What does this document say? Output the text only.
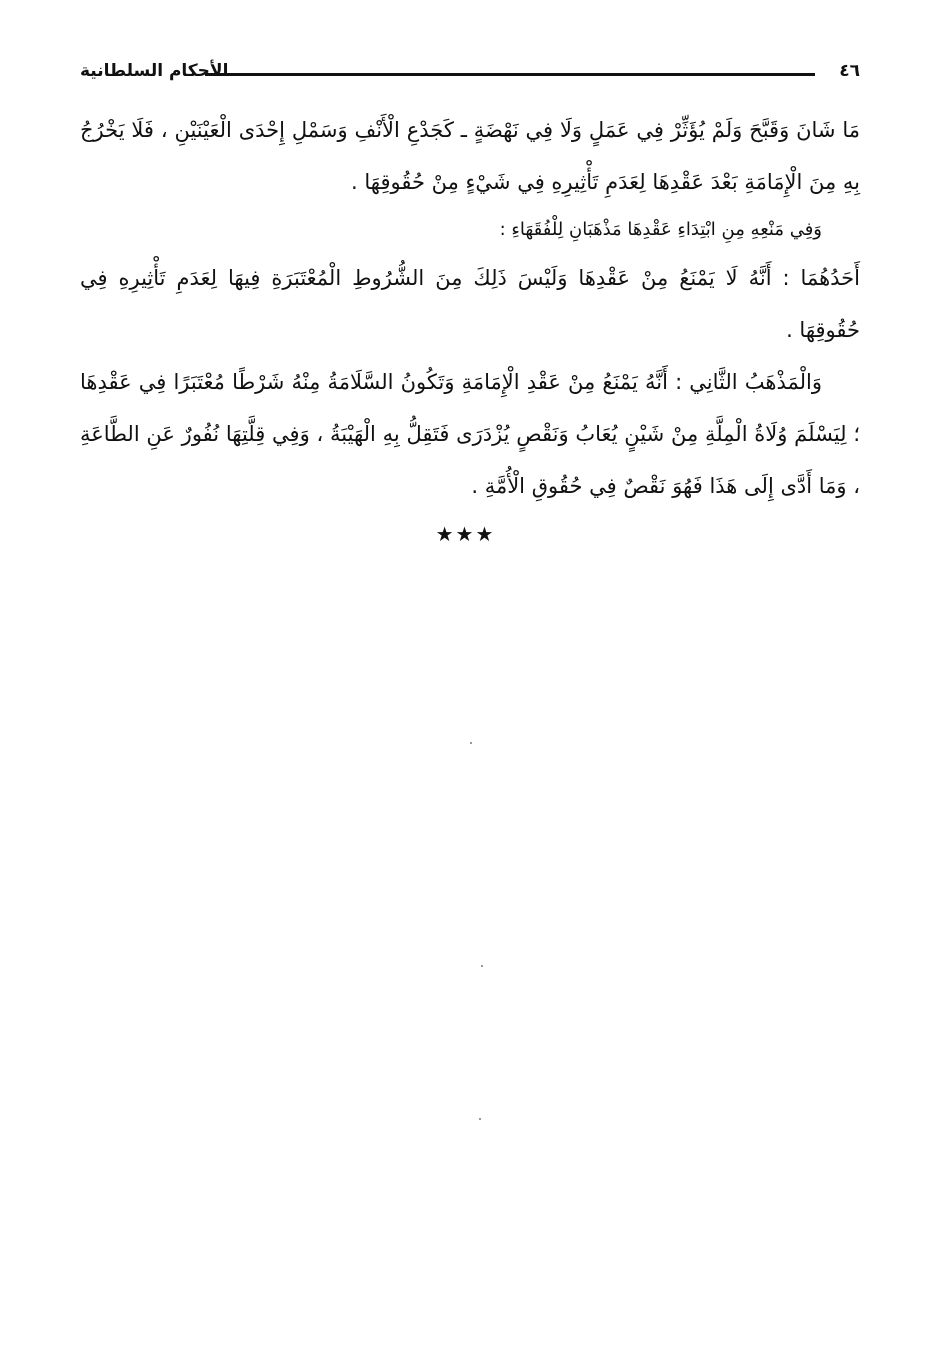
الأحكام السلطانية	٤٦

مَا شَانَ وَقَبَّحَ وَلَمْ يُؤَثِّرْ فِي عَمَلٍ وَلَا فِي نَهْضَةٍ ـ كَجَدْعِ الْأَنْفِ وَسَمْلِ إِحْدَى الْعَيْنَيْنِ ، فَلَا يَخْرُجُ بِهِ مِنَ الْإِمَامَةِ بَعْدَ عَقْدِهَا لِعَدَمِ تَأْثِيرِهِ فِي شَيْءٍ مِنْ حُقُوقِهَا .

وَفِي مَنْعِهِ مِنِ ابْتِدَاءِ عَقْدِهَا مَذْهَبَانِ لِلْفُقَهَاءِ :

أَحَدُهُمَا : أَنَّهُ لَا يَمْنَعُ مِنْ عَقْدِهَا وَلَيْسَ ذَلِكَ مِنَ الشُّرُوطِ الْمُعْتَبَرَةِ فِيهَا لِعَدَمِ تَأْثِيرِهِ فِي حُقُوقِهَا .

وَالْمَذْهَبُ الثَّانِي : أَنَّهُ يَمْنَعُ مِنْ عَقْدِ الْإِمَامَةِ وَتَكُونُ السَّلَامَةُ مِنْهُ شَرْطًا مُعْتَبَرًا فِي عَقْدِهَا ؛ لِيَسْلَمَ وُلَاةُ الْمِلَّةِ مِنْ شَيْنٍ يُعَابُ وَنَقْصٍ يُزْدَرَى فَتَقِلُّ بِهِ الْهَيْبَةُ ، وَفِي قِلَّتِهَا نُفُورٌ عَنِ الطَّاعَةِ ، وَمَا أَدَّى إِلَى هَذَا فَهُوَ نَقْصٌ فِي حُقُوقِ الْأُمَّةِ .

★★★
